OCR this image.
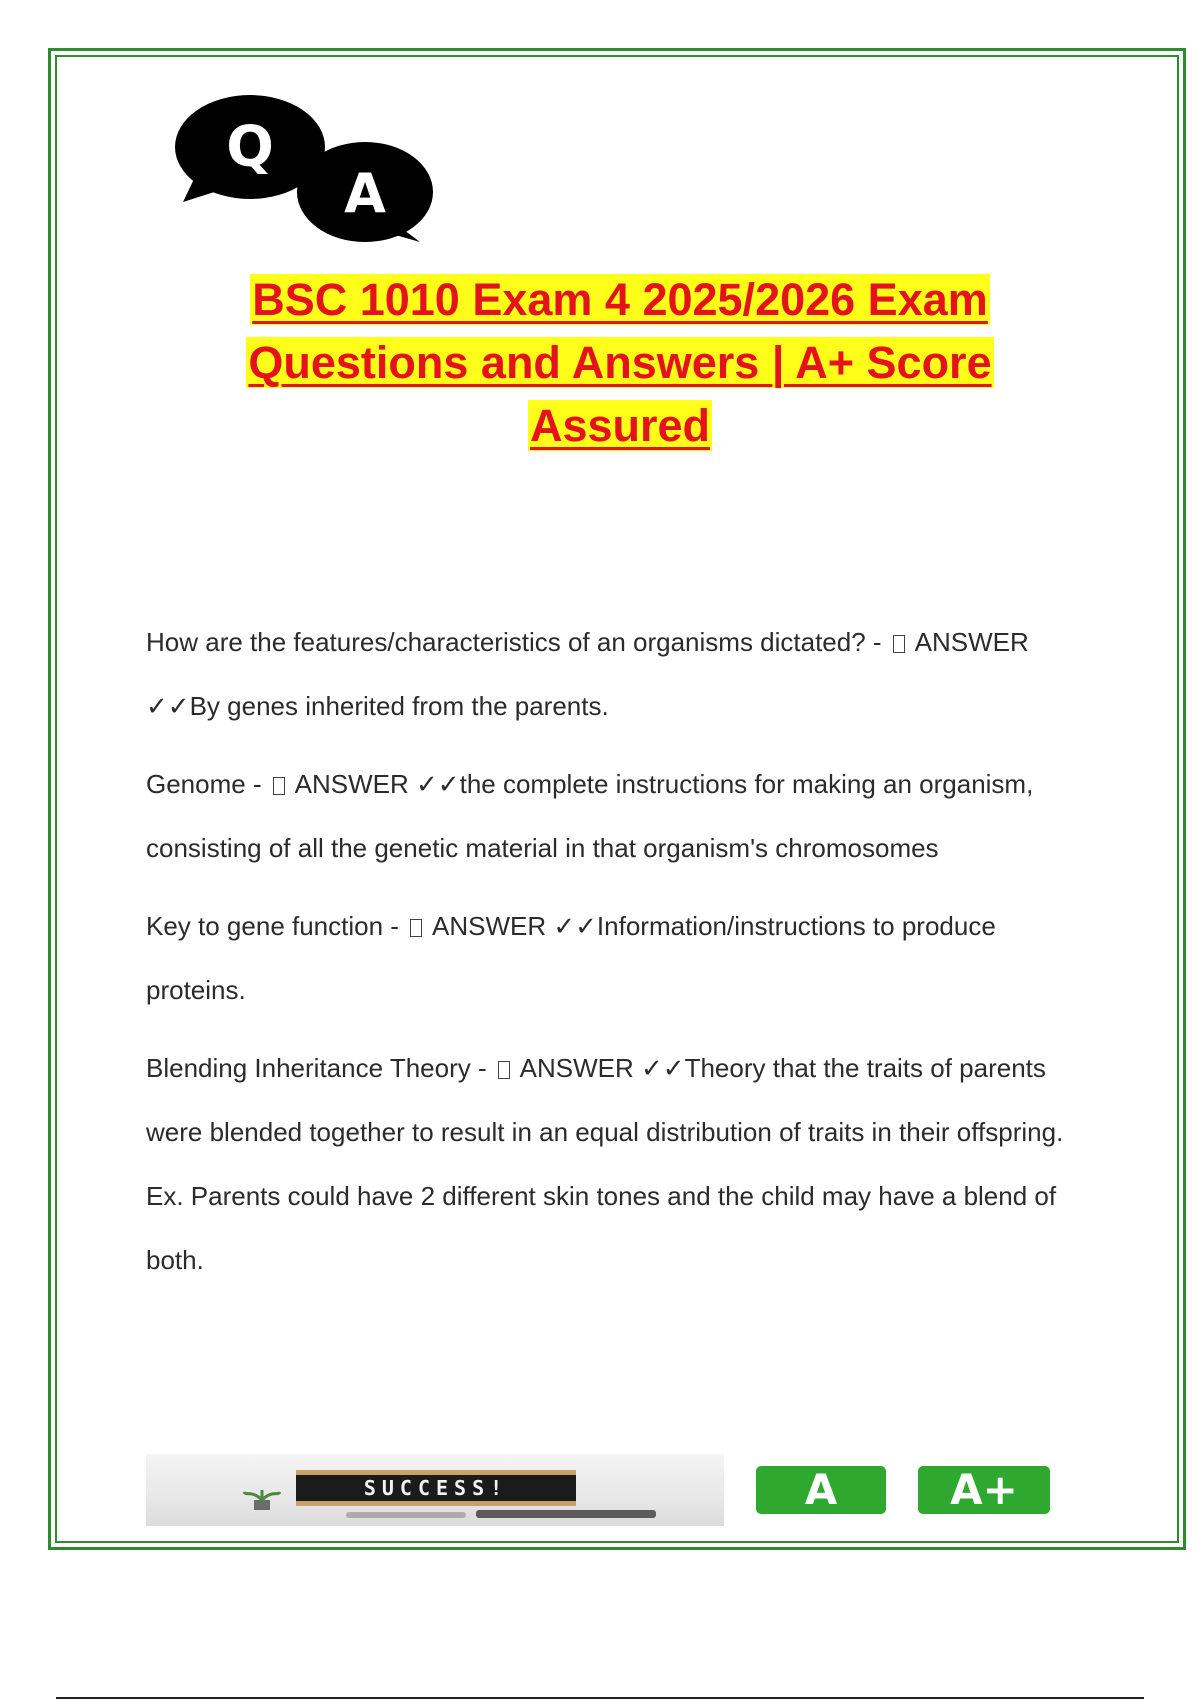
Q
A
BSC 1010 Exam 4 2025/2026 Exam
Questions and Answers | A+ Score
Assured
How are the features/characteristics of an organisms dictated? -  ANSWER ✓✓By genes inherited from the parents.
Genome -  ANSWER ✓✓the complete instructions for making an organism, consisting of all the genetic material in that organism's chromosomes
Key to gene function -  ANSWER ✓✓Information/instructions to produce proteins.
Blending Inheritance Theory -  ANSWER ✓✓Theory that the traits of parents were blended together to result in an equal distribution of traits in their offspring. Ex. Parents could have 2 different skin tones and the child may have a blend of both.
SUCCESS!	A	A+
